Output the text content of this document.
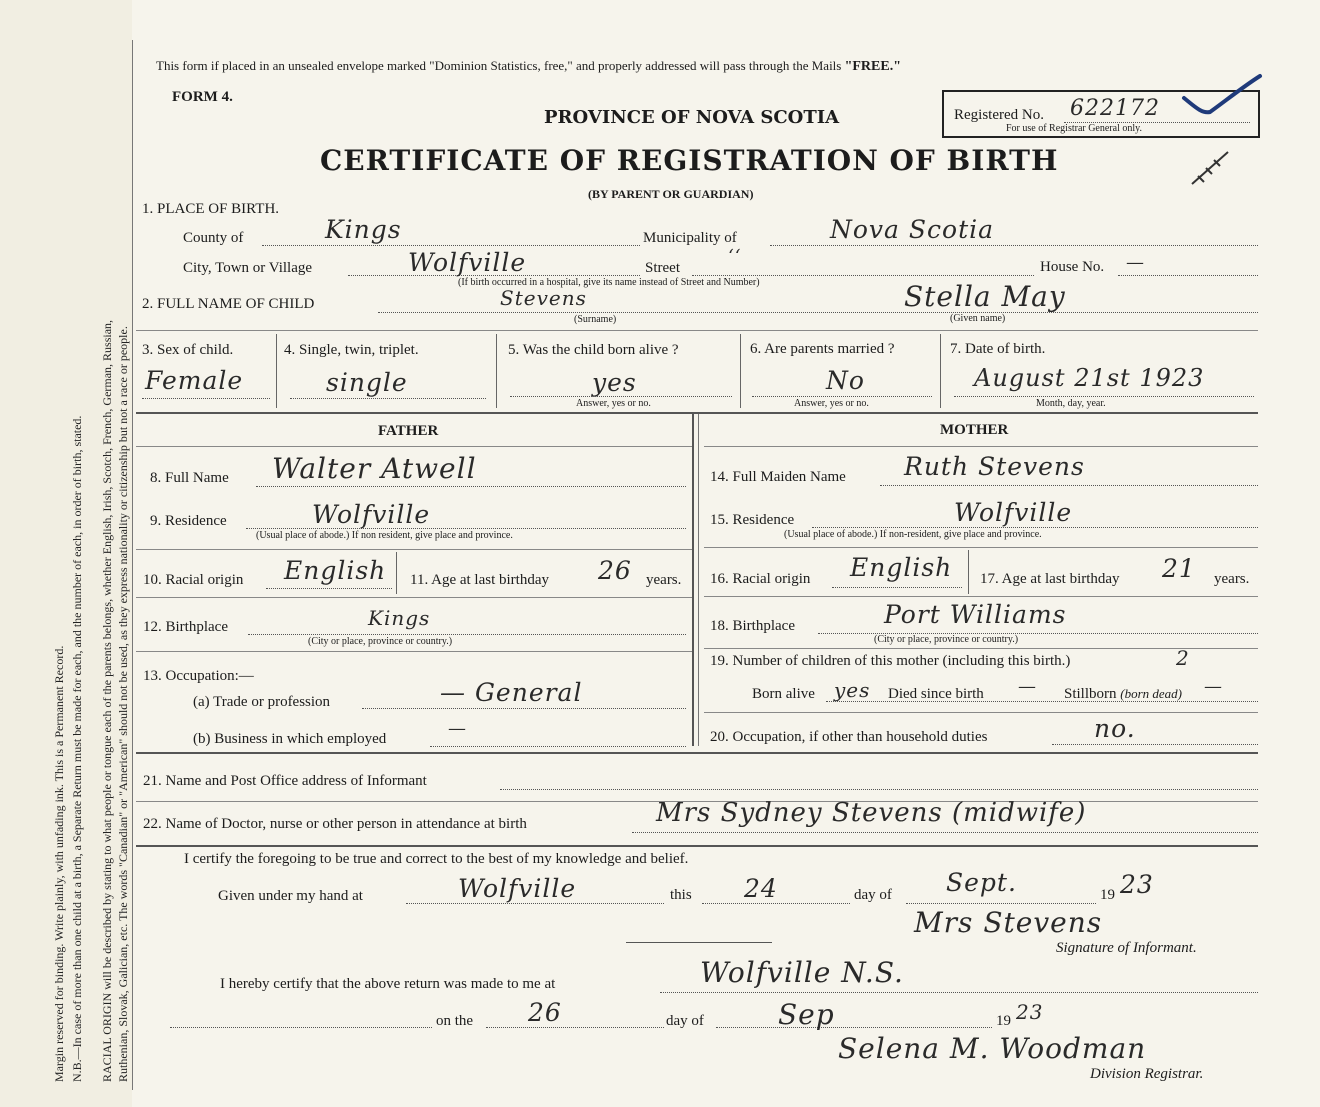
Margin reserved for binding. Write plainly, with unfading ink. This is a Permanent Record. N.B.—In case of more than one child at a birth, a Separate Return must be made for each, and the number of each, in order of birth, stated. RACIAL ORIGIN will be described by stating to what people or tongue each of the parents belongs, whether English, Irish, Scotch, French, German, Russian, Ruthenian, Slovak, Galician, etc. The words "Canadian" or "American" should not be used, as they express nationality or citizenship but not a race or people.
This form if placed in an unsealed envelope marked "Dominion Statistics, free," and properly addressed will pass through the Mails "FREE."
FORM 4.
PROVINCE OF NOVA SCOTIA
CERTIFICATE OF REGISTRATION OF BIRTH
(BY PARENT OR GUARDIAN)
Registered No. 622172
For use of Registrar General only.
1. PLACE OF BIRTH.
County of	Kings	Municipality of	Nova Scotia
City, Town or Village	Wolfville	Street
‘‘	House No. —
(If birth occurred in a hospital, give its name instead of Street and Number)
2. FULL NAME OF CHILD	Stevens
(Surname)
Stella May
(Given name)
3. Sex of child.
Female
4. Single, twin, triplet.
single
5. Was the child born alive ?
yes
Answer, yes or no.
6. Are parents married ?
No
Answer, yes or no.
7. Date of birth.
August 21st 1923
Month, day, year.
FATHER	MOTHER
8. Full Name Walter Atwell
9. Residence	Wolfville
(Usual place of abode.) If non resident, give place and province.
10. Racial origin English 11. Age at last birthday 26 years.
12. Birthplace	Kings
(City or place, province or country.)
13. Occupation:—
(a) Trade or profession	— General
(b) Business in which employed	—
14. Full Maiden Name Ruth Stevens
15. Residence	Wolfville
(Usual place of abode.) If non-resident, give place and province.
16. Racial origin English 17. Age at last birthday 21 years.
18. Birthplace	Port Williams
(City or place, province or country.)
19. Number of children of this mother (including this birth.)	2
Born alive yes Died since birth — Stillborn (born dead) —
20. Occupation, if other than household duties	no.
21. Name and Post Office address of Informant
22. Name of Doctor, nurse or other person in attendance at birth	Mrs Sydney Stevens (midwife)
I certify the foregoing to be true and correct to the best of my knowledge and belief.
Given under my hand at	Wolfville	this 24	day of Sept.	19 23
Mrs Stevens
Signature of Informant.
I hereby certify that the above return was made to me at	Wolfville N.S.
on the 26	day of	Sep	19 23
Selena M. Woodman
Division Registrar.
